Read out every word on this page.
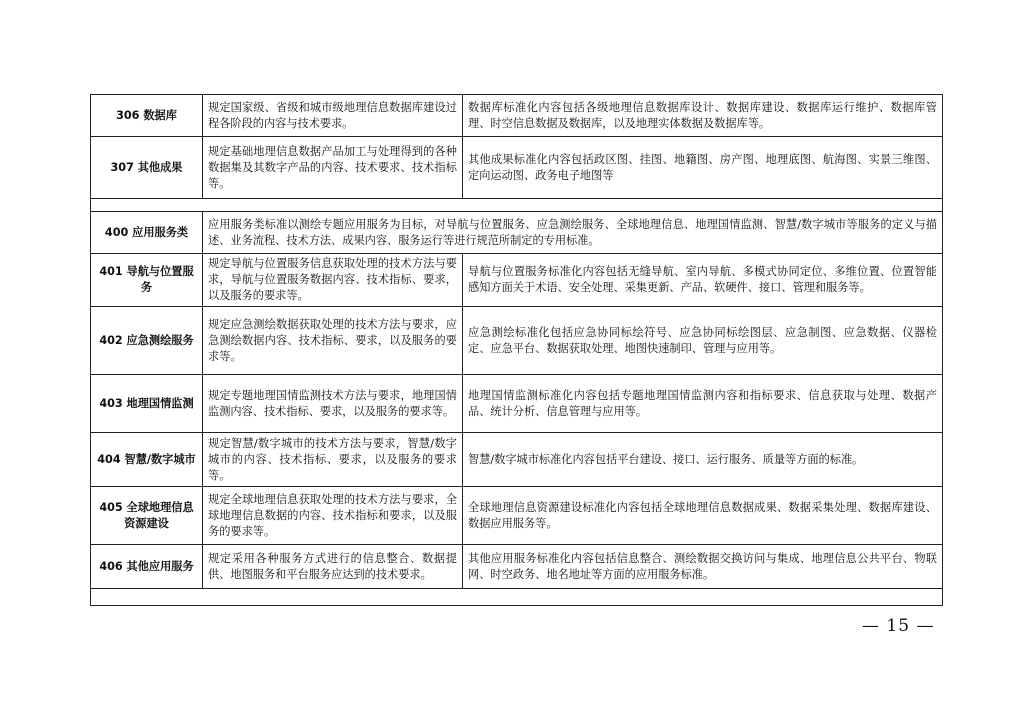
306 数据库	规定国家级、省级和城市级地理信息数据库建设过程各阶段的内容与技术要求。	数据库标准化内容包括各级地理信息数据库设计、数据库建设、数据库运行维护、数据库管理、时空信息数据及数据库，以及地理实体数据及数据库等。
307 其他成果	规定基础地理信息数据产品加工与处理得到的各种数据集及其数字产品的内容、技术要求、技术指标等。	其他成果标准化内容包括政区图、挂图、地籍图、房产图、地理底图、航海图、实景三维图、定向运动图、政务电子地图等

400 应用服务类	应用服务类标准以测绘专题应用服务为目标，对导航与位置服务、应急测绘服务、全球地理信息、地理国情监测、智慧/数字城市等服务的定义与描述、业务流程、技术方法、成果内容、服务运行等进行规范所制定的专用标准。	
401 导航与位置服务	规定导航与位置服务信息获取处理的技术方法与要求，导航与位置服务数据内容、技术指标、要求，以及服务的要求等。	导航与位置服务标准化内容包括无缝导航、室内导航、多模式协同定位、多维位置、位置智能感知方面关于术语、安全处理、采集更新、产品、软硬件、接口、管理和服务等。
402 应急测绘服务	规定应急测绘数据获取处理的技术方法与要求，应急测绘数据内容、技术指标、要求，以及服务的要求等。	应急测绘标准化包括应急协同标绘符号、应急协同标绘图层、应急制图、应急数据、仪器检定、应急平台、数据获取处理、地图快速制印、管理与应用等。
403 地理国情监测	规定专题地理国情监测技术方法与要求，地理国情监测内容、技术指标、要求，以及服务的要求等。	地理国情监测标准化内容包括专题地理国情监测内容和指标要求、信息获取与处理、数据产品、统计分析、信息管理与应用等。
404 智慧/数字城市	规定智慧/数字城市的技术方法与要求，智慧/数字城市的内容、技术指标、要求，以及服务的要求等。	智慧/数字城市标准化内容包括平台建设、接口、运行服务、质量等方面的标准。
405 全球地理信息资源建设	规定全球地理信息获取处理的技术方法与要求，全球地理信息数据的内容、技术指标和要求，以及服务的要求等。	全球地理信息资源建设标准化内容包括全球地理信息数据成果、数据采集处理、数据库建设、数据应用服务等。
406 其他应用服务	规定采用各种服务方式进行的信息整合、数据提供、地图服务和平台服务应达到的技术要求。	其他应用服务标准化内容包括信息整合、测绘数据交换访问与集成、地理信息公共平台、物联网、时空政务、地名地址等方面的应用服务标准。

— 15 —
